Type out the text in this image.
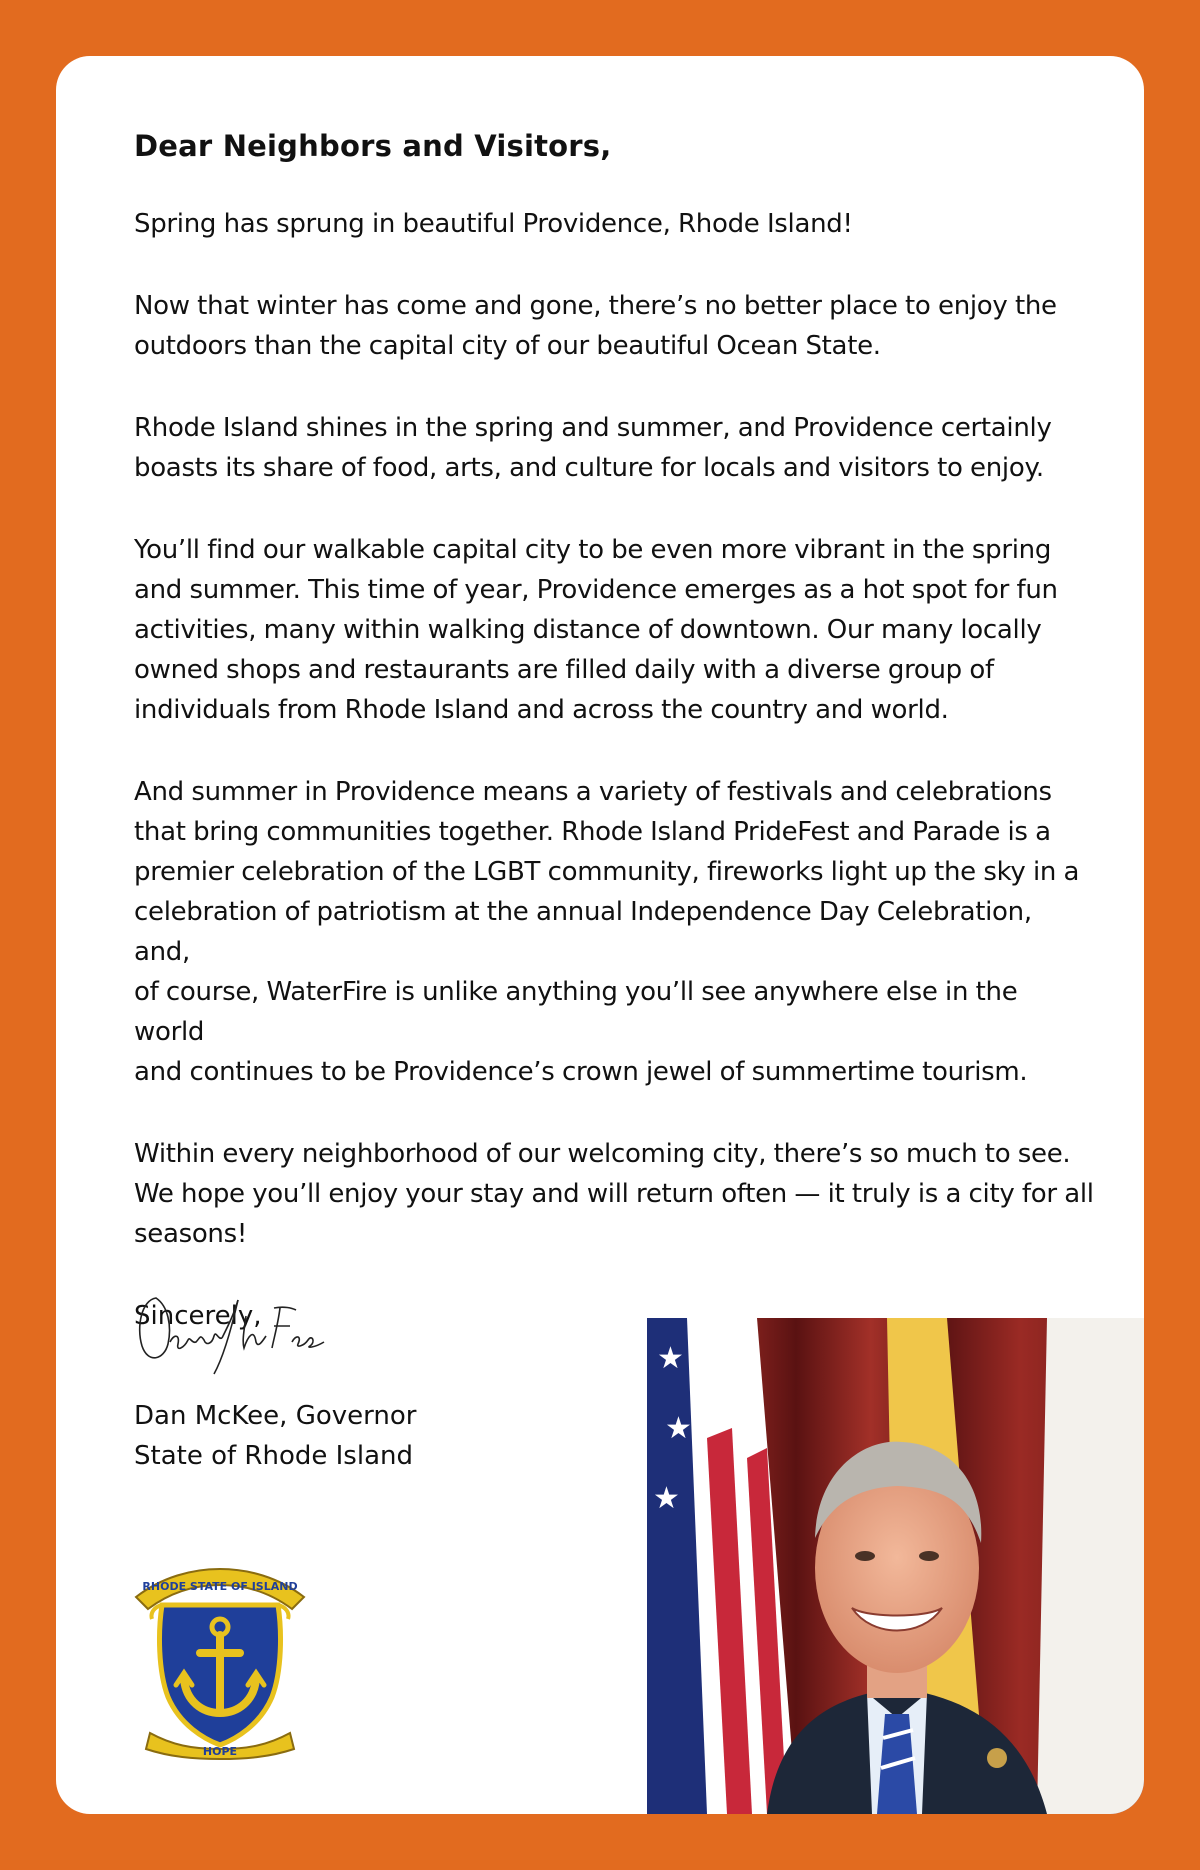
Dear Neighbors and Visitors,

Spring has sprung in beautiful Providence, Rhode Island!

Now that winter has come and gone, there’s no better place to enjoy the
outdoors than the capital city of our beautiful Ocean State.

Rhode Island shines in the spring and summer, and Providence certainly
boasts its share of food, arts, and culture for locals and visitors to enjoy.

You’ll find our walkable capital city to be even more vibrant in the spring
and summer. This time of year, Providence emerges as a hot spot for fun
activities, many within walking distance of downtown. Our many locally
owned shops and restaurants are filled daily with a diverse group of
individuals from Rhode Island and across the country and world.

And summer in Providence means a variety of festivals and celebrations
that bring communities together. Rhode Island PrideFest and Parade is a
premier celebration of the LGBT community, fireworks light up the sky in a
celebration of patriotism at the annual Independence Day Celebration, and,
of course, WaterFire is unlike anything you’ll see anywhere else in the world
and continues to be Providence’s crown jewel of summertime tourism.

Within every neighborhood of our welcoming city, there’s so much to see.
We hope you’ll enjoy your stay and will return often — it truly is a city for all
seasons!

Sincerely,

Dan McKee, Governor
State of Rhode Island
RHODE STATE OF ISLAND
HOPE
★
★
★
